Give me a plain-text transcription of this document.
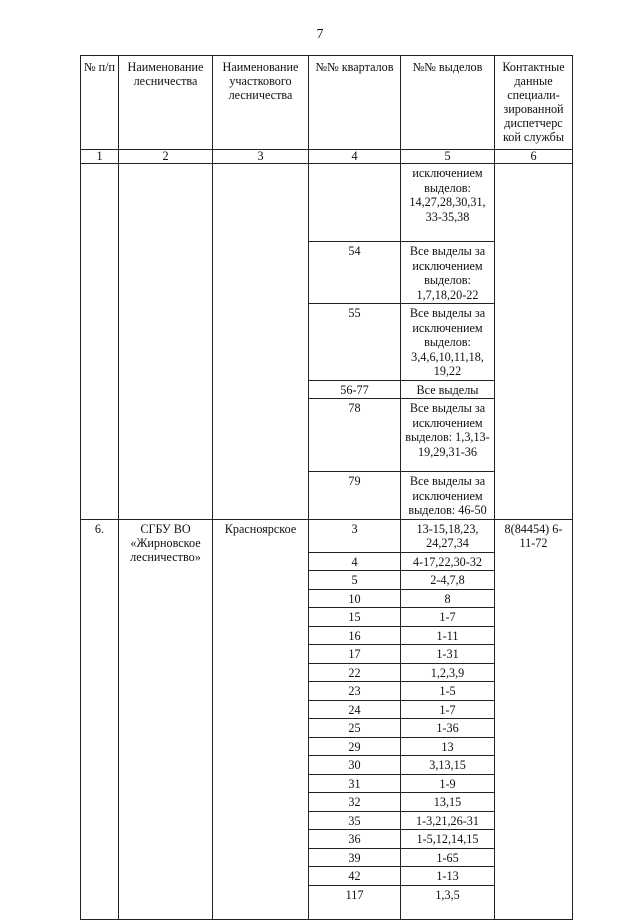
7
№ п/п	Наименование лесничества	Наименование участкового лесничества	№№ кварталов	№№ выделов	Контактные данные специали-зированной диспетчерс кой службы
1	2	3	4	5	6
				исключением выделов: 14,27,28,30,31, 33-35,38	
			54	Все выделы за исключением выделов: 1,7,18,20-22	
			55	Все выделы за исключением выделов: 3,4,6,10,11,18, 19,22	
			56-77	Все выделы	
			78	Все выделы за исключением выделов: 1,3,13-19,29,31-36	
			79	Все выделы за исключением выделов: 46-50	
6.	СГБУ ВО «Жирновское лесничество»	Красноярское	3	13-15,18,23, 24,27,34	8(84454) 6-11-72
			4	4-17,22,30-32	
			5	2-4,7,8	
			10	8	
			15	1-7	
			16	1-11	
			17	1-31	
			22	1,2,3,9	
			23	1-5	
			24	1-7	
			25	1-36	
			29	13	
			30	3,13,15	
			31	1-9	
			32	13,15	
			35	1-3,21,26-31	
			36	1-5,12,14,15	
			39	1-65	
			42	1-13	
			117	1,3,5	
